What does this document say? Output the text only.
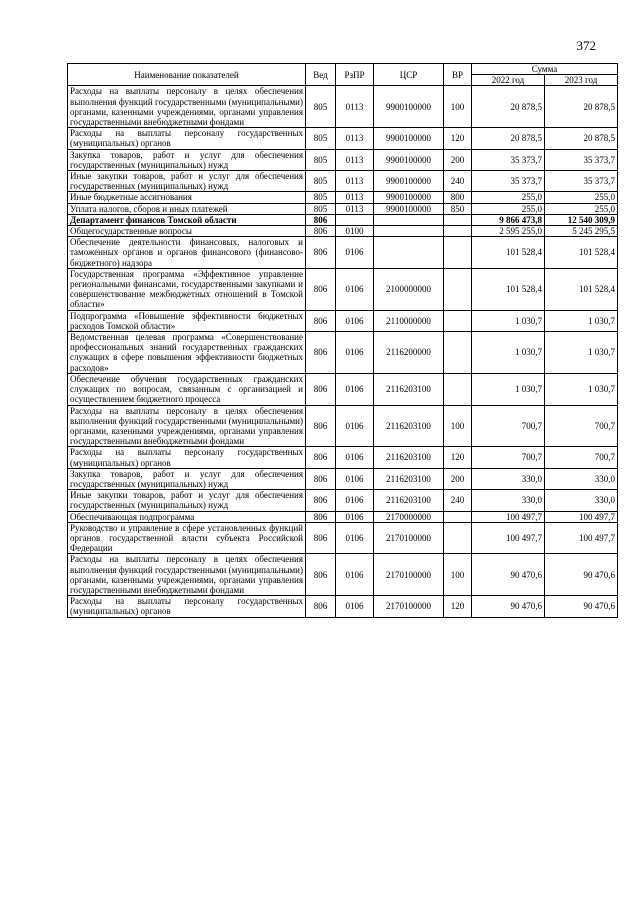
372
Наименование показателей	Вед	РзПР	ЦСР	ВР	Сумма	
					2022 год	2023 год
Расходы на выплаты персоналу в целях обеспечения выполнения функций государственными (муниципальными) органами, казенными учреждениями, органами управления государственными внебюджетными фондами	805	0113	9900100000	100	20 878,5	20 878,5
Расходы на выплаты персоналу государственных (муниципальных) органов	805	0113	9900100000	120	20 878,5	20 878,5
Закупка товаров, работ и услуг для обеспечения государственных (муниципальных) нужд	805	0113	9900100000	200	35 373,7	35 373,7
Иные закупки товаров, работ и услуг для обеспечения государственных (муниципальных) нужд	805	0113	9900100000	240	35 373,7	35 373,7
Иные бюджетные ассигнования	805	0113	9900100000	800	255,0	255,0
Уплата налогов, сборов и иных платежей	805	0113	9900100000	850	255,0	255,0
Департамент финансов Томской области	806				9 866 473,8	12 540 309,9
Общегосударственные вопросы	806	0100			2 595 255,0	5 245 295,5
Обеспечение деятельности финансовых, налоговых и таможенных органов и органов финансового (финансово-бюджетного) надзора	806	0106			101 528,4	101 528,4
Государственная программа «Эффективное управление региональными финансами, государственными закупками и совершенствование межбюджетных отношений в Томской области»	806	0106	2100000000		101 528,4	101 528,4
Подпрограмма «Повышение эффективности бюджетных расходов Томской области»	806	0106	2110000000		1 030,7	1 030,7
Ведомственная целевая программа «Совершенствование профессиональных знаний государственных гражданских служащих в сфере повышения эффективности бюджетных расходов»	806	0106	2116200000		1 030,7	1 030,7
Обеспечение обучения государственных гражданских служащих по вопросам, связанным с организацией и осуществлением бюджетного процесса	806	0106	2116203100		1 030,7	1 030,7
Расходы на выплаты персоналу в целях обеспечения выполнения функций государственными (муниципальными) органами, казенными учреждениями, органами управления государственными внебюджетными фондами	806	0106	2116203100	100	700,7	700,7
Расходы на выплаты персоналу государственных (муниципальных) органов	806	0106	2116203100	120	700,7	700,7
Закупка товаров, работ и услуг для обеспечения государственных (муниципальных) нужд	806	0106	2116203100	200	330,0	330,0
Иные закупки товаров, работ и услуг для обеспечения государственных (муниципальных) нужд	806	0106	2116203100	240	330,0	330,0
Обеспечивающая подпрограмма	806	0106	2170000000		100 497,7	100 497,7
Руководство и управление в сфере установленных функций органов государственной власти субъекта Российской Федерации	806	0106	2170100000		100 497,7	100 497,7
Расходы на выплаты персоналу в целях обеспечения выполнения функций государственными (муниципальными) органами, казенными учреждениями, органами управления государственными внебюджетными фондами	806	0106	2170100000	100	90 470,6	90 470,6
Расходы на выплаты персоналу государственных (муниципальных) органов	806	0106	2170100000	120	90 470,6	90 470,6
